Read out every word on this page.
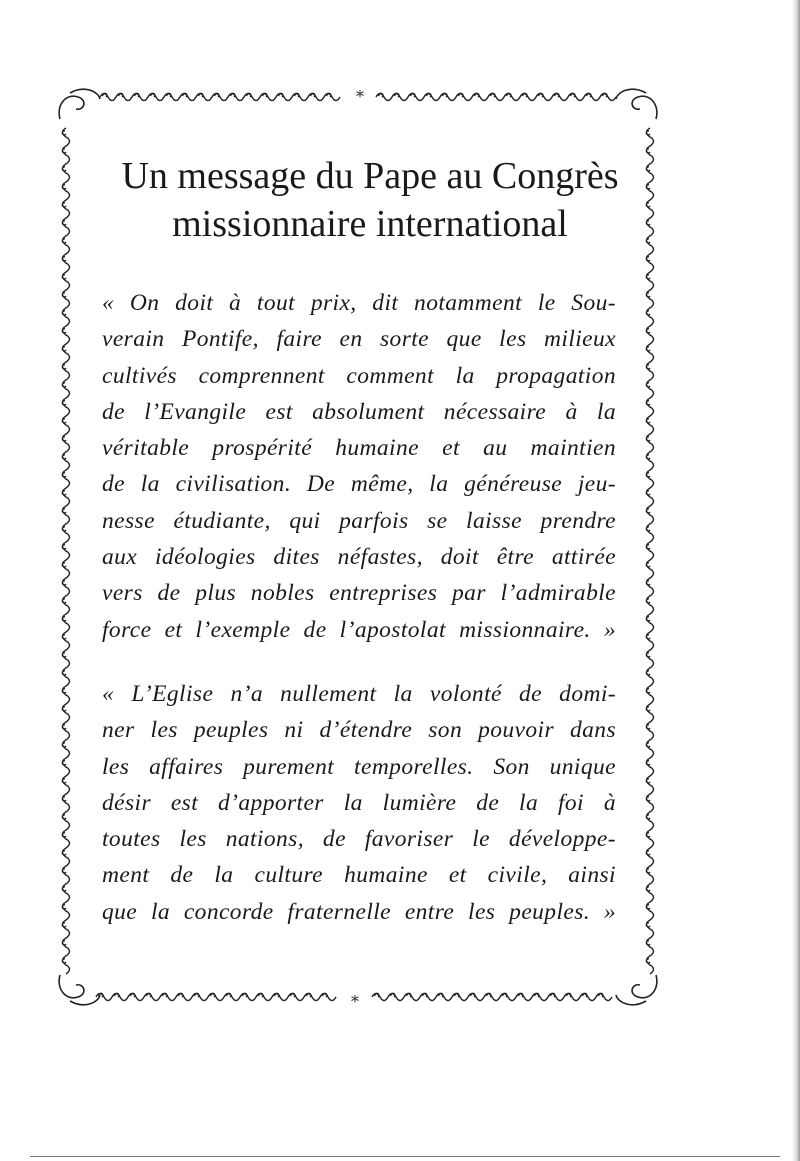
*
*
Un message du Pape au Congrès
missionnaire international

« On doit à tout prix, dit notamment le Sou-
verain Pontife, faire en sorte que les milieux
cultivés comprennent comment la propagation
de l’Evangile est absolument nécessaire à la
véritable prospérité humaine et au maintien
de la civilisation. De même, la généreuse jeu-
nesse étudiante, qui parfois se laisse prendre
aux idéologies dites néfastes, doit être attirée
vers de plus nobles entreprises par l’admirable
force et l’exemple de l’apostolat missionnaire. »

« L’Eglise n’a nullement la volonté de domi-
ner les peuples ni d’étendre son pouvoir dans
les affaires purement temporelles. Son unique
désir est d’apporter la lumière de la foi à
toutes les nations, de favoriser le développe-
ment de la culture humaine et civile, ainsi
que la concorde fraternelle entre les peuples. »
